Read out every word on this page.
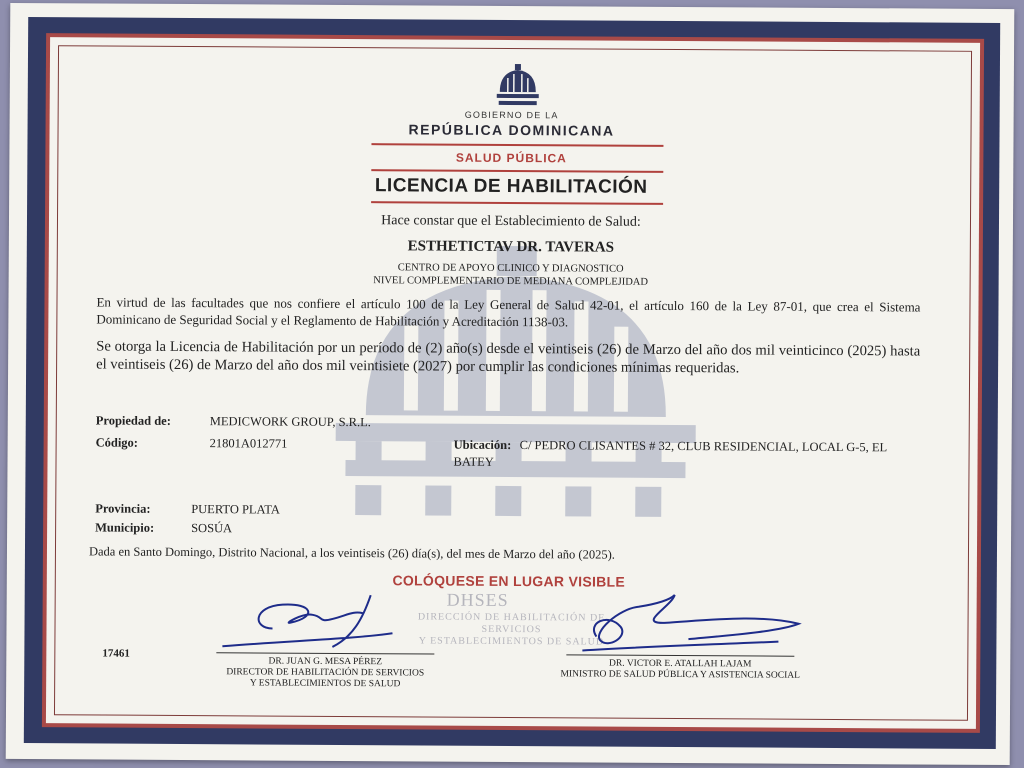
GOBIERNO DE LA
REPÚBLICA DOMINICANA
SALUD PÚBLICA
LICENCIA DE HABILITACIÓN
Hace constar que el Establecimiento de Salud:
ESTHETICTAV DR. TAVERAS
CENTRO DE APOYO CLINICO Y DIAGNOSTICO
NIVEL COMPLEMENTARIO DE MEDIANA COMPLEJIDAD
En virtud de las facultades que nos confiere el artículo 100 de la Ley General de Salud 42-01, el artículo 160 de la Ley 87-01, que crea el Sistema Dominicano de Seguridad Social y el Reglamento de Habilitación y Acreditación 1138-03.
Se otorga la Licencia de Habilitación por un período de (2) año(s) desde el veintiseis (26) de Marzo del año dos mil veinticinco (2025) hasta el veintiseis (26) de Marzo del año dos mil veintisiete (2027) por cumplir las condiciones mínimas requeridas.
Propiedad de:	MEDICWORK GROUP, S.R.L.
Código:	21801A012771	Ubicación: C/ PEDRO CLISANTES # 32, CLUB RESIDENCIAL, LOCAL G-5, EL
BATEY
Provincia:	PUERTO PLATA
Municipio:	SOSÚA
Dada en Santo Domingo, Distrito Nacional, a los veintiseis (26) día(s), del mes de Marzo del año (2025).
COLÓQUESE EN LUGAR VISIBLE
DHSES
DIRECCIÓN DE HABILITACIÓN DE SERVICIOS
Y ESTABLECIMIENTOS DE SALUD
17461
DR. JUAN G. MESA PÉREZ
DIRECTOR DE HABILITACIÓN DE SERVICIOS
Y ESTABLECIMIENTOS DE SALUD
DR. VICTOR E. ATALLAH LAJAM
MINISTRO DE SALUD PÚBLICA Y ASISTENCIA SOCIAL
